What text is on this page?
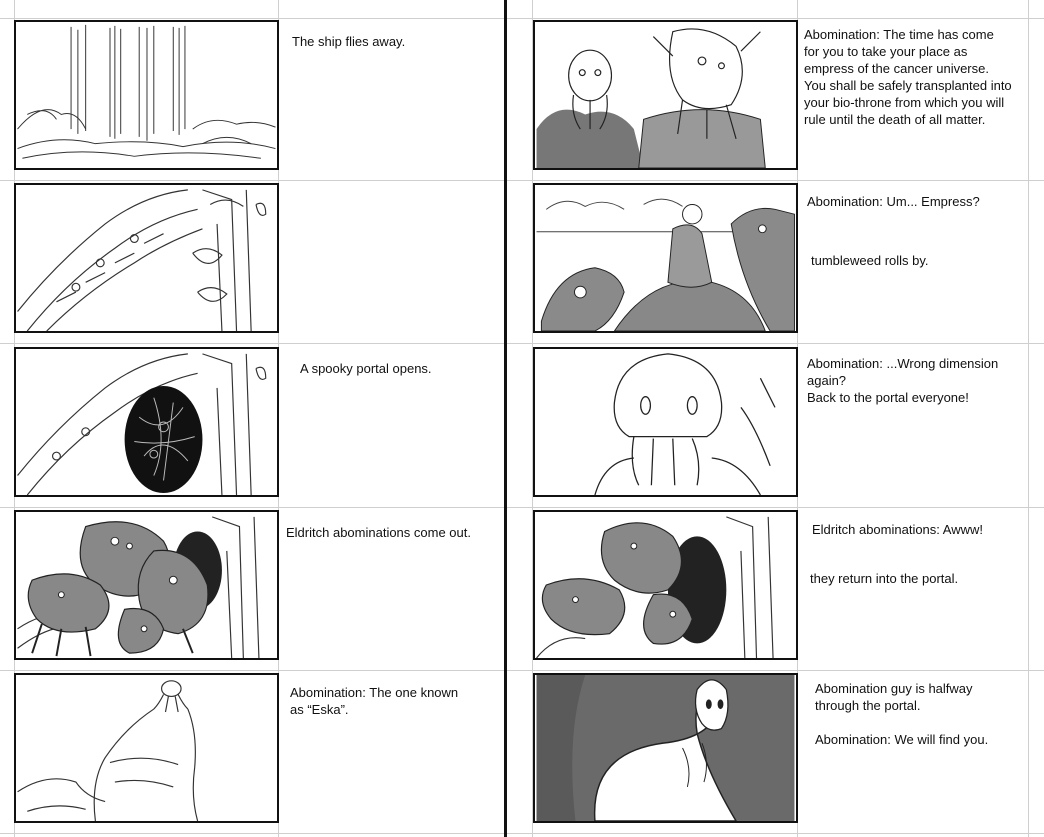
The ship flies away.
A spooky portal opens.
Eldritch abominations come out.
Abomination: The one known
as “Eska”.
Abomination: The time has come
for you to take your place as
empress of the cancer universe.
You shall be safely transplanted into
your bio-throne from which you will
rule until the death of all matter.
Abomination: Um... Empress?
tumbleweed rolls by.
Abomination: ...Wrong dimension
again?
Back to the portal everyone!
Eldritch abominations: Awww!
they return into the portal.
Abomination guy is halfway
through the portal.

Abomination: We will find you.
